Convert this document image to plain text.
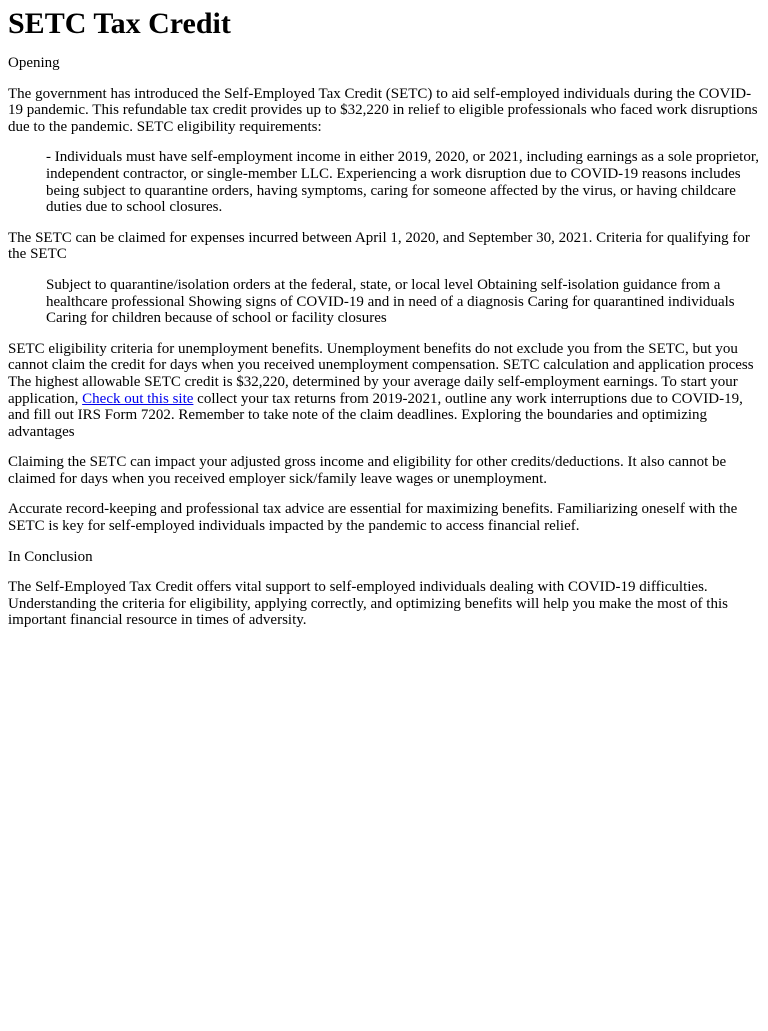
SETC Tax Credit

Opening

The government has introduced the Self-Employed Tax Credit (SETC) to aid self-employed individuals during the COVID-19 pandemic. This refundable tax credit provides up to $32,220 in relief to eligible professionals who faced work disruptions due to the pandemic. SETC eligibility requirements:

- Individuals must have self-employment income in either 2019, 2020, or 2021, including earnings as a sole proprietor, independent contractor, or single-member LLC. Experiencing a work disruption due to COVID-19 reasons includes being subject to quarantine orders, having symptoms, caring for someone affected by the virus, or having childcare duties due to school closures.

The SETC can be claimed for expenses incurred between April 1, 2020, and September 30, 2021. Criteria for qualifying for the SETC

Subject to quarantine/isolation orders at the federal, state, or local level Obtaining self-isolation guidance from a healthcare professional Showing signs of COVID-19 and in need of a diagnosis Caring for quarantined individuals Caring for children because of school or facility closures

SETC eligibility criteria for unemployment benefits. Unemployment benefits do not exclude you from the SETC, but you cannot claim the credit for days when you received unemployment compensation. SETC calculation and application process The highest allowable SETC credit is $32,220, determined by your average daily self-employment earnings. To start your application, Check out this site collect your tax returns from 2019-2021, outline any work interruptions due to COVID-19, and fill out IRS Form 7202. Remember to take note of the claim deadlines. Exploring the boundaries and optimizing advantages

Claiming the SETC can impact your adjusted gross income and eligibility for other credits/deductions. It also cannot be claimed for days when you received employer sick/family leave wages or unemployment.

Accurate record-keeping and professional tax advice are essential for maximizing benefits. Familiarizing oneself with the SETC is key for self-employed individuals impacted by the pandemic to access financial relief.

In Conclusion

The Self-Employed Tax Credit offers vital support to self-employed individuals dealing with COVID-19 difficulties. Understanding the criteria for eligibility, applying correctly, and optimizing benefits will help you make the most of this important financial resource in times of adversity.
